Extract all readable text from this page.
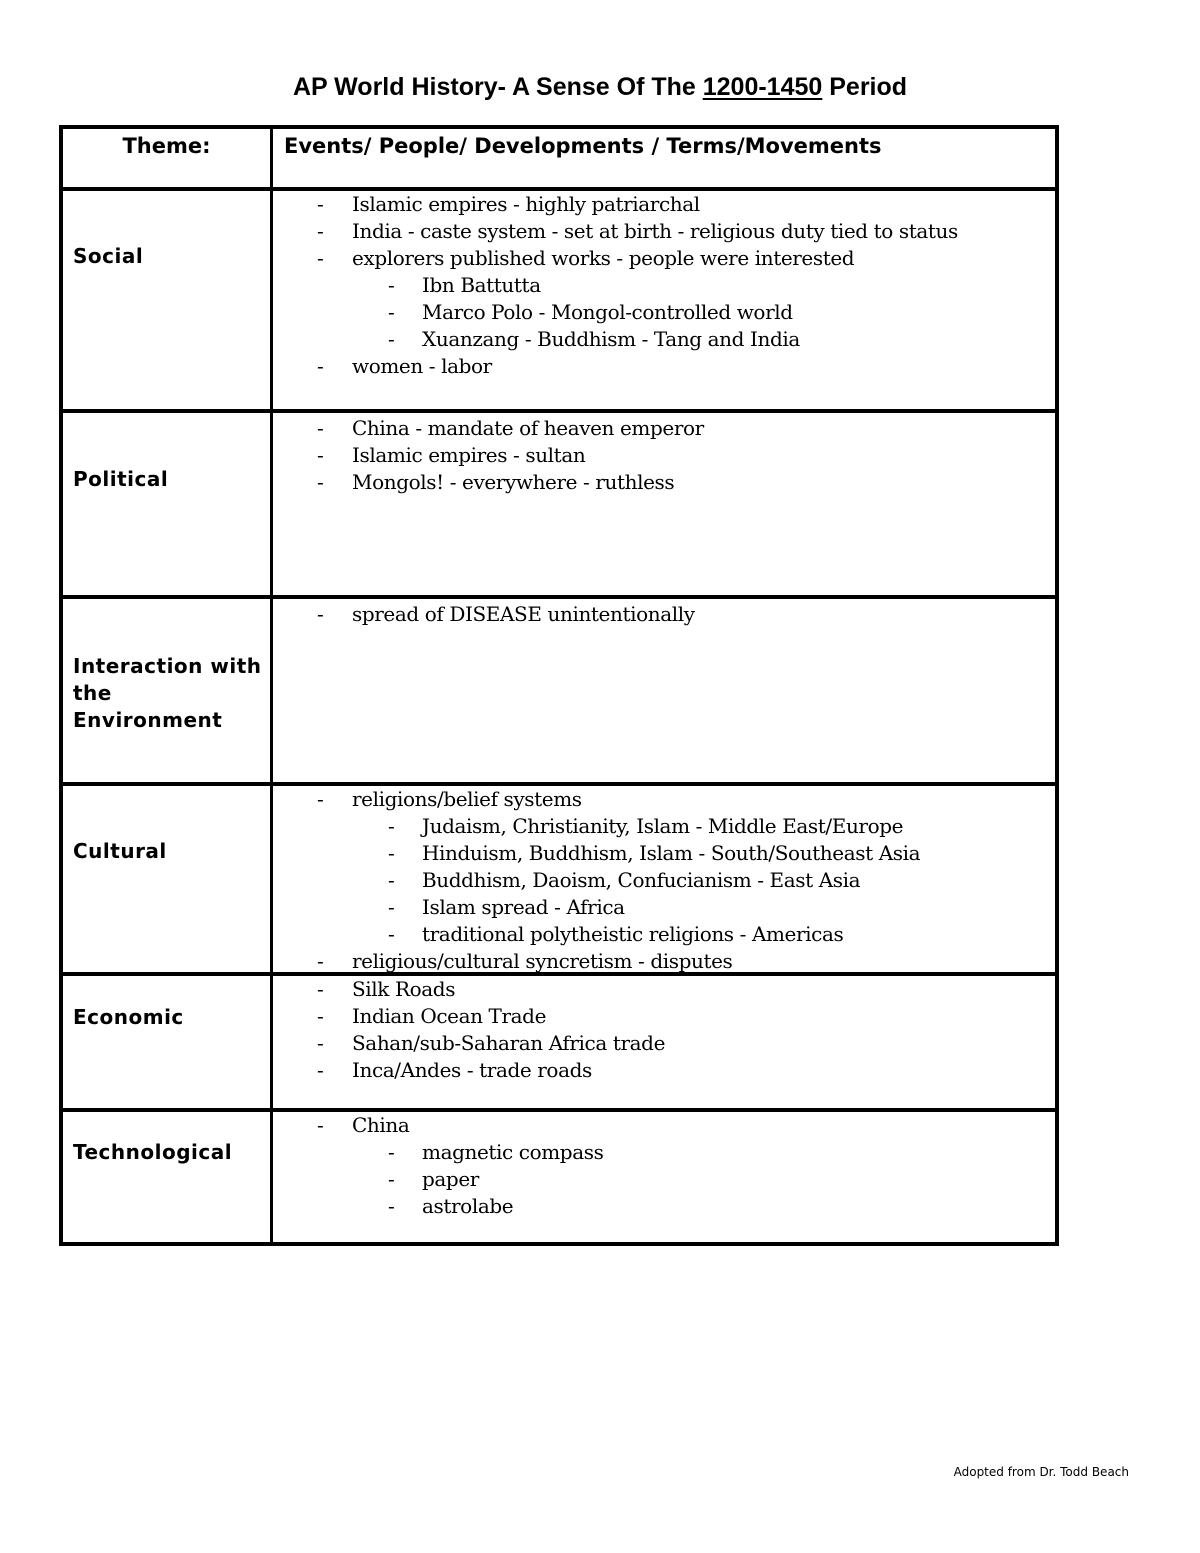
AP World History- A Sense Of The 1200-1450 Period
Theme:	Events/ People/ Developments / Terms/Movements
Social
- Islamic empires - highly patriarchal
- India - caste system - set at birth - religious duty tied to status
- explorers published works - people were interested
- Ibn Battutta
- Marco Polo - Mongol-controlled world
- Xuanzang - Buddhism - Tang and India
- women - labor
Political
- China - mandate of heaven emperor
- Islamic empires - sultan
- Mongols! - everywhere - ruthless
Interaction with the Environment
- spread of DISEASE unintentionally
Cultural
- religions/belief systems
- Judaism, Christianity, Islam - Middle East/Europe
- Hinduism, Buddhism, Islam - South/Southeast Asia
- Buddhism, Daoism, Confucianism - East Asia
- Islam spread - Africa
- traditional polytheistic religions - Americas
- religious/cultural syncretism - disputes
Economic
- Silk Roads
- Indian Ocean Trade
- Sahan/sub-Saharan Africa trade
- Inca/Andes - trade roads
Technological
- China
- magnetic compass
- paper
- astrolabe
Adopted from Dr. Todd Beach
